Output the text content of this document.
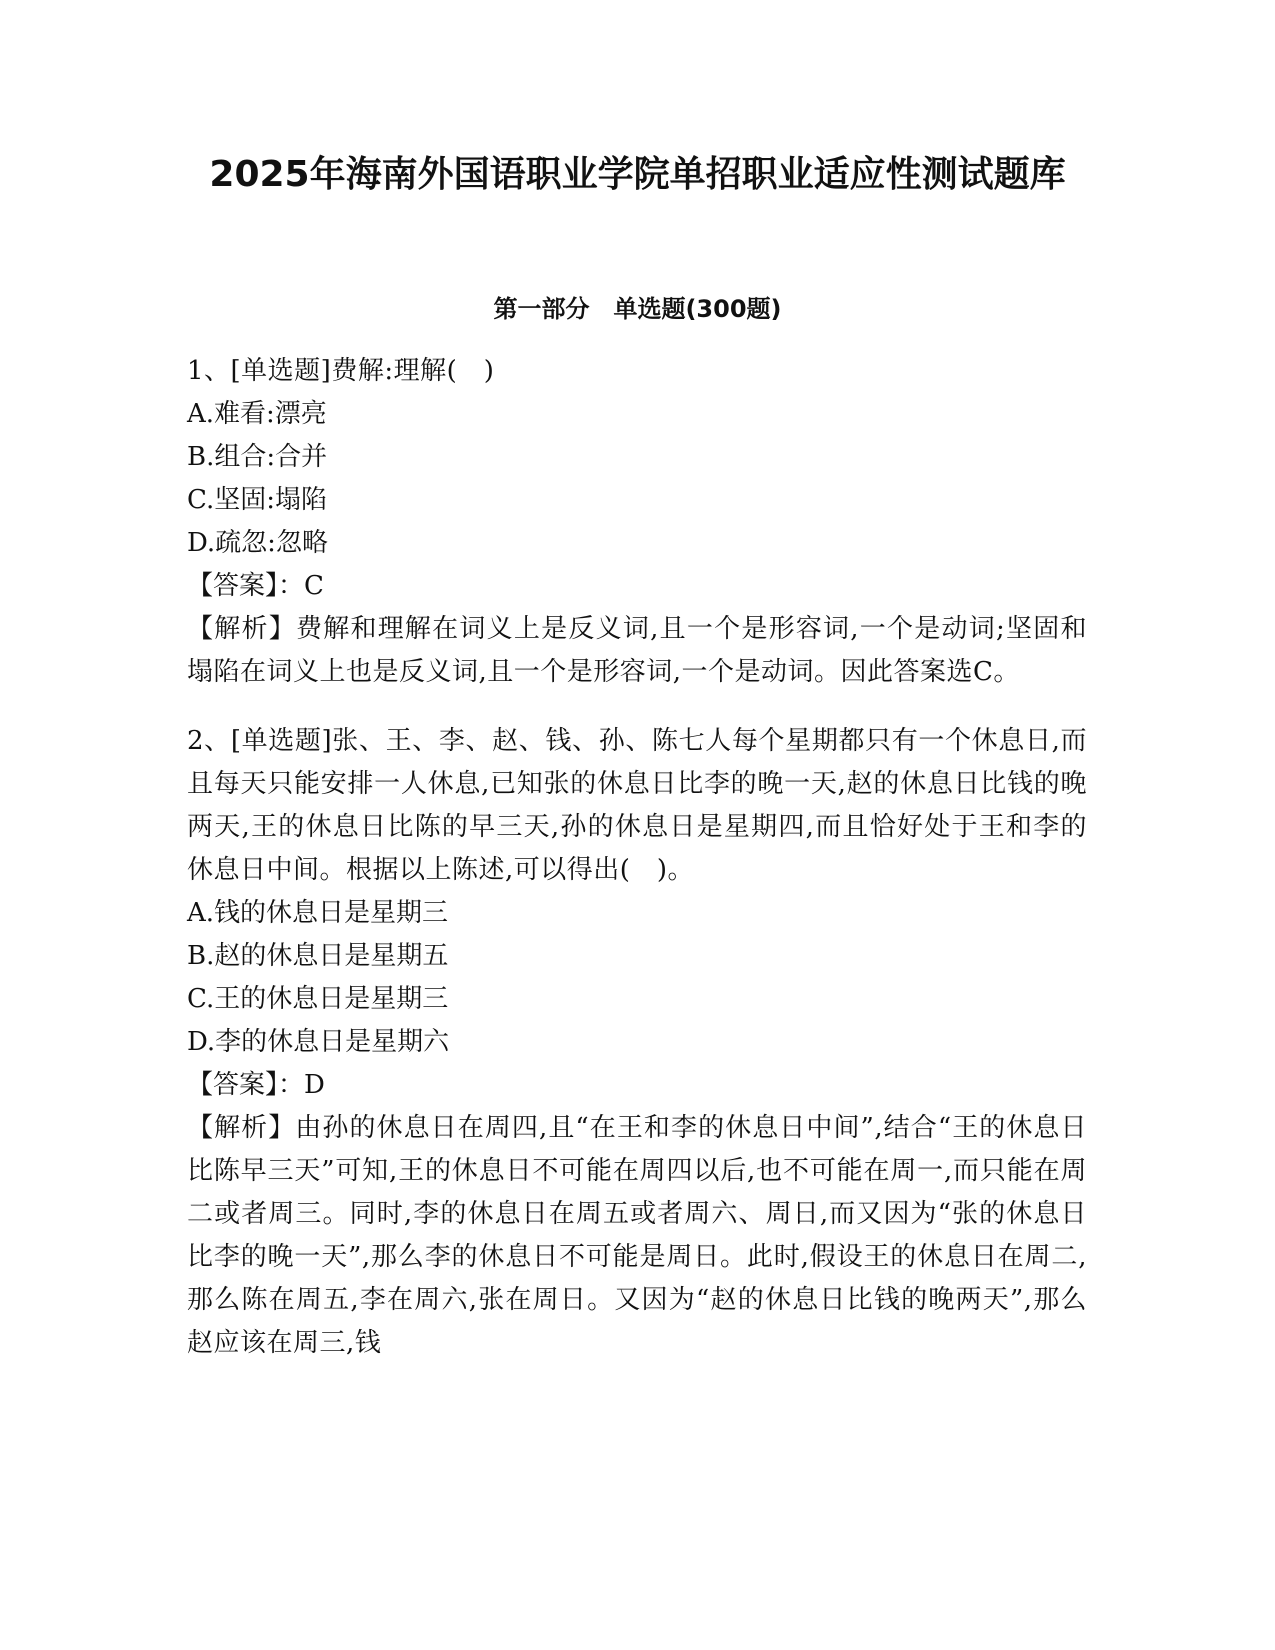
2025年海南外国语职业学院单招职业适应性测试题库
第一部分　单选题(300题)

1、[单选题]费解:理解(　)

A.难看:漂亮
B.组合:合并
C.坚固:塌陷
D.疏忽:忽略
【答案】：C

【解析】费解和理解在词义上是反义词,且一个是形容词,一个是动词;坚固和塌陷在词义上也是反义词,且一个是形容词,一个是动词。因此答案选C。

2、[单选题]张、王、李、赵、钱、孙、陈七人每个星期都只有一个休息日,而且每天只能安排一人休息,已知张的休息日比李的晚一天,赵的休息日比钱的晚两天,王的休息日比陈的早三天,孙的休息日是星期四,而且恰好处于王和李的休息日中间。根据以上陈述,可以得出(　)。

A.钱的休息日是星期三
B.赵的休息日是星期五
C.王的休息日是星期三
D.李的休息日是星期六
【答案】：D

【解析】由孙的休息日在周四,且“在王和李的休息日中间”,结合“王的休息日比陈早三天”可知,王的休息日不可能在周四以后,也不可能在周一,而只能在周二或者周三。同时,李的休息日在周五或者周六、周日,而又因为“张的休息日比李的晚一天”,那么李的休息日不可能是周日。此时,假设王的休息日在周二,那么陈在周五,李在周六,张在周日。又因为“赵的休息日比钱的晚两天”,那么赵应该在周三,钱
